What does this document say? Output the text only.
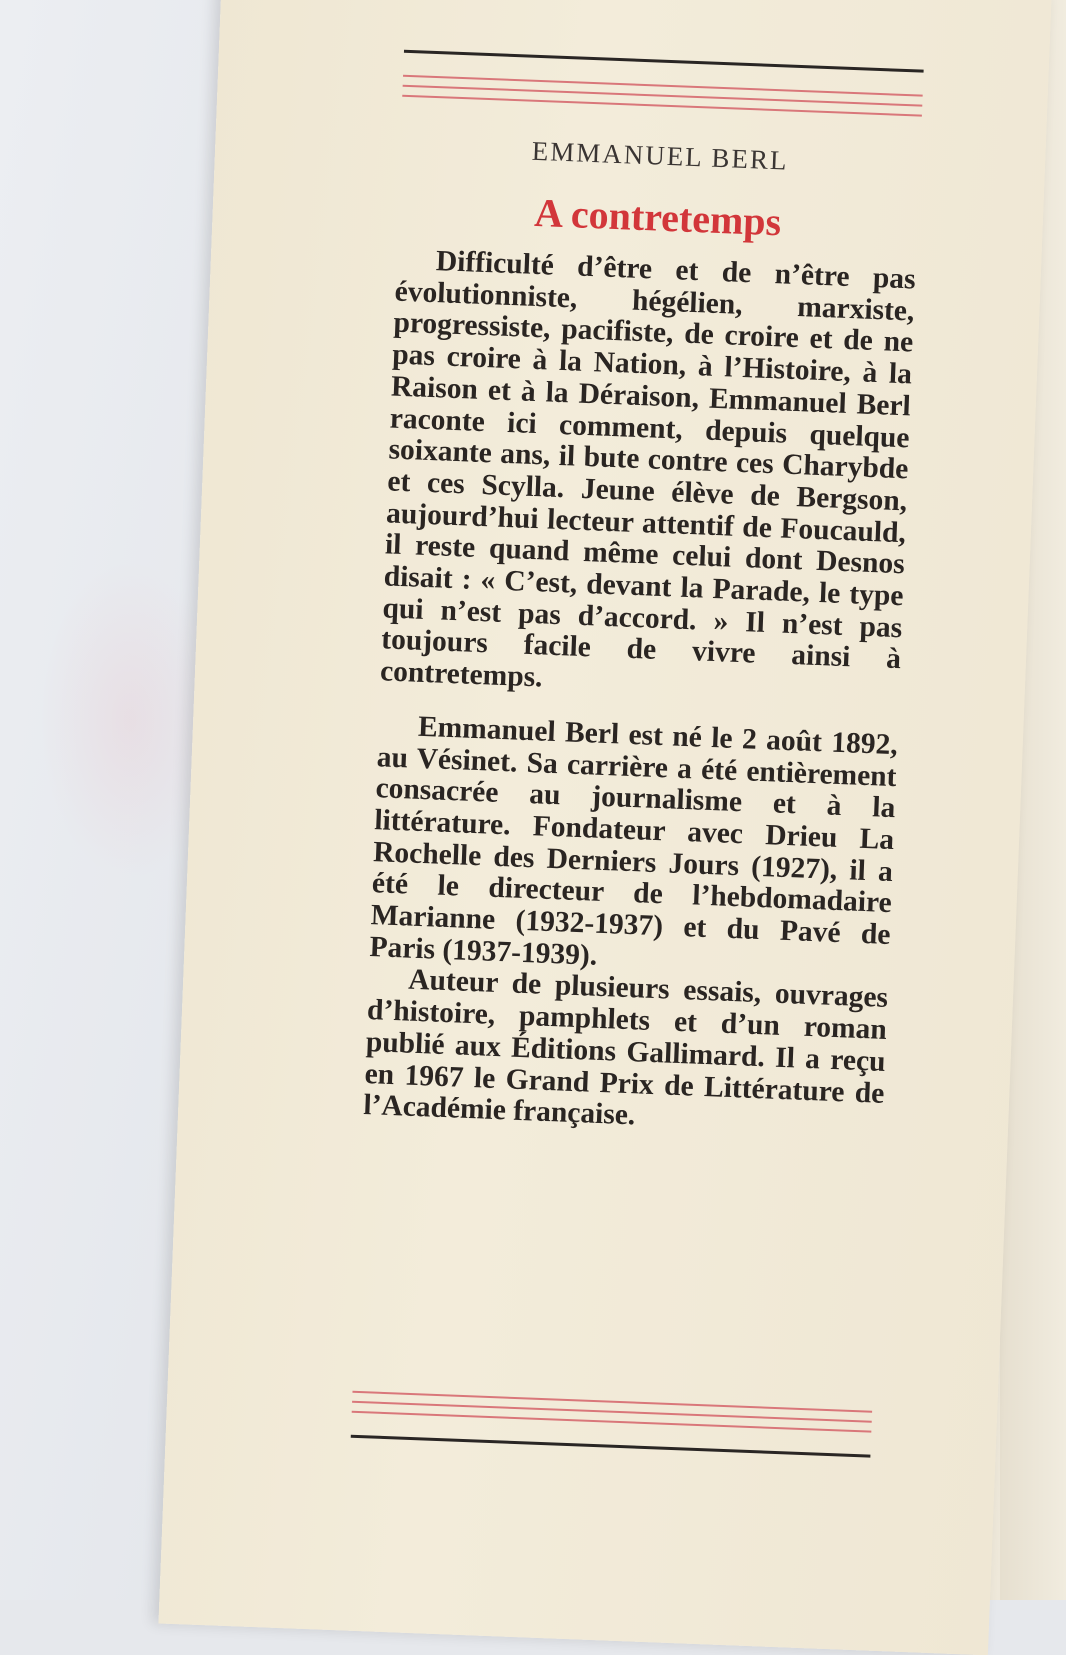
EMMANUEL BERL
A contretemps

Difficulté d’être et de n’être pas évolutionniste, hégélien, marxiste, progressiste, pacifiste, de croire et de ne pas croire à la Nation, à l’Histoire, à la Raison et à la Déraison, Emmanuel Berl raconte ici comment, depuis quelque soixante ans, il bute contre ces Charybde et ces Scylla. Jeune élève de Bergson, aujourd’hui lecteur attentif de Foucauld, il reste quand même celui dont Desnos disait : « C’est, devant la Parade, le type qui n’est pas d’accord. » Il n’est pas toujours facile de vivre ainsi à contretemps.

Emmanuel Berl est né le 2 août 1892, au Vésinet. Sa carrière a été entièrement consacrée au journalisme et à la littérature. Fondateur avec Drieu La Rochelle des Derniers Jours (1927), il a été le directeur de l’hebdomadaire Marianne (1932-1937) et du Pavé de Paris (1937-1939).

Auteur de plusieurs essais, ouvrages d’histoire, pamphlets et d’un roman publié aux Éditions Gallimard. Il a reçu en 1967 le Grand Prix de Littérature de l’Académie française.
